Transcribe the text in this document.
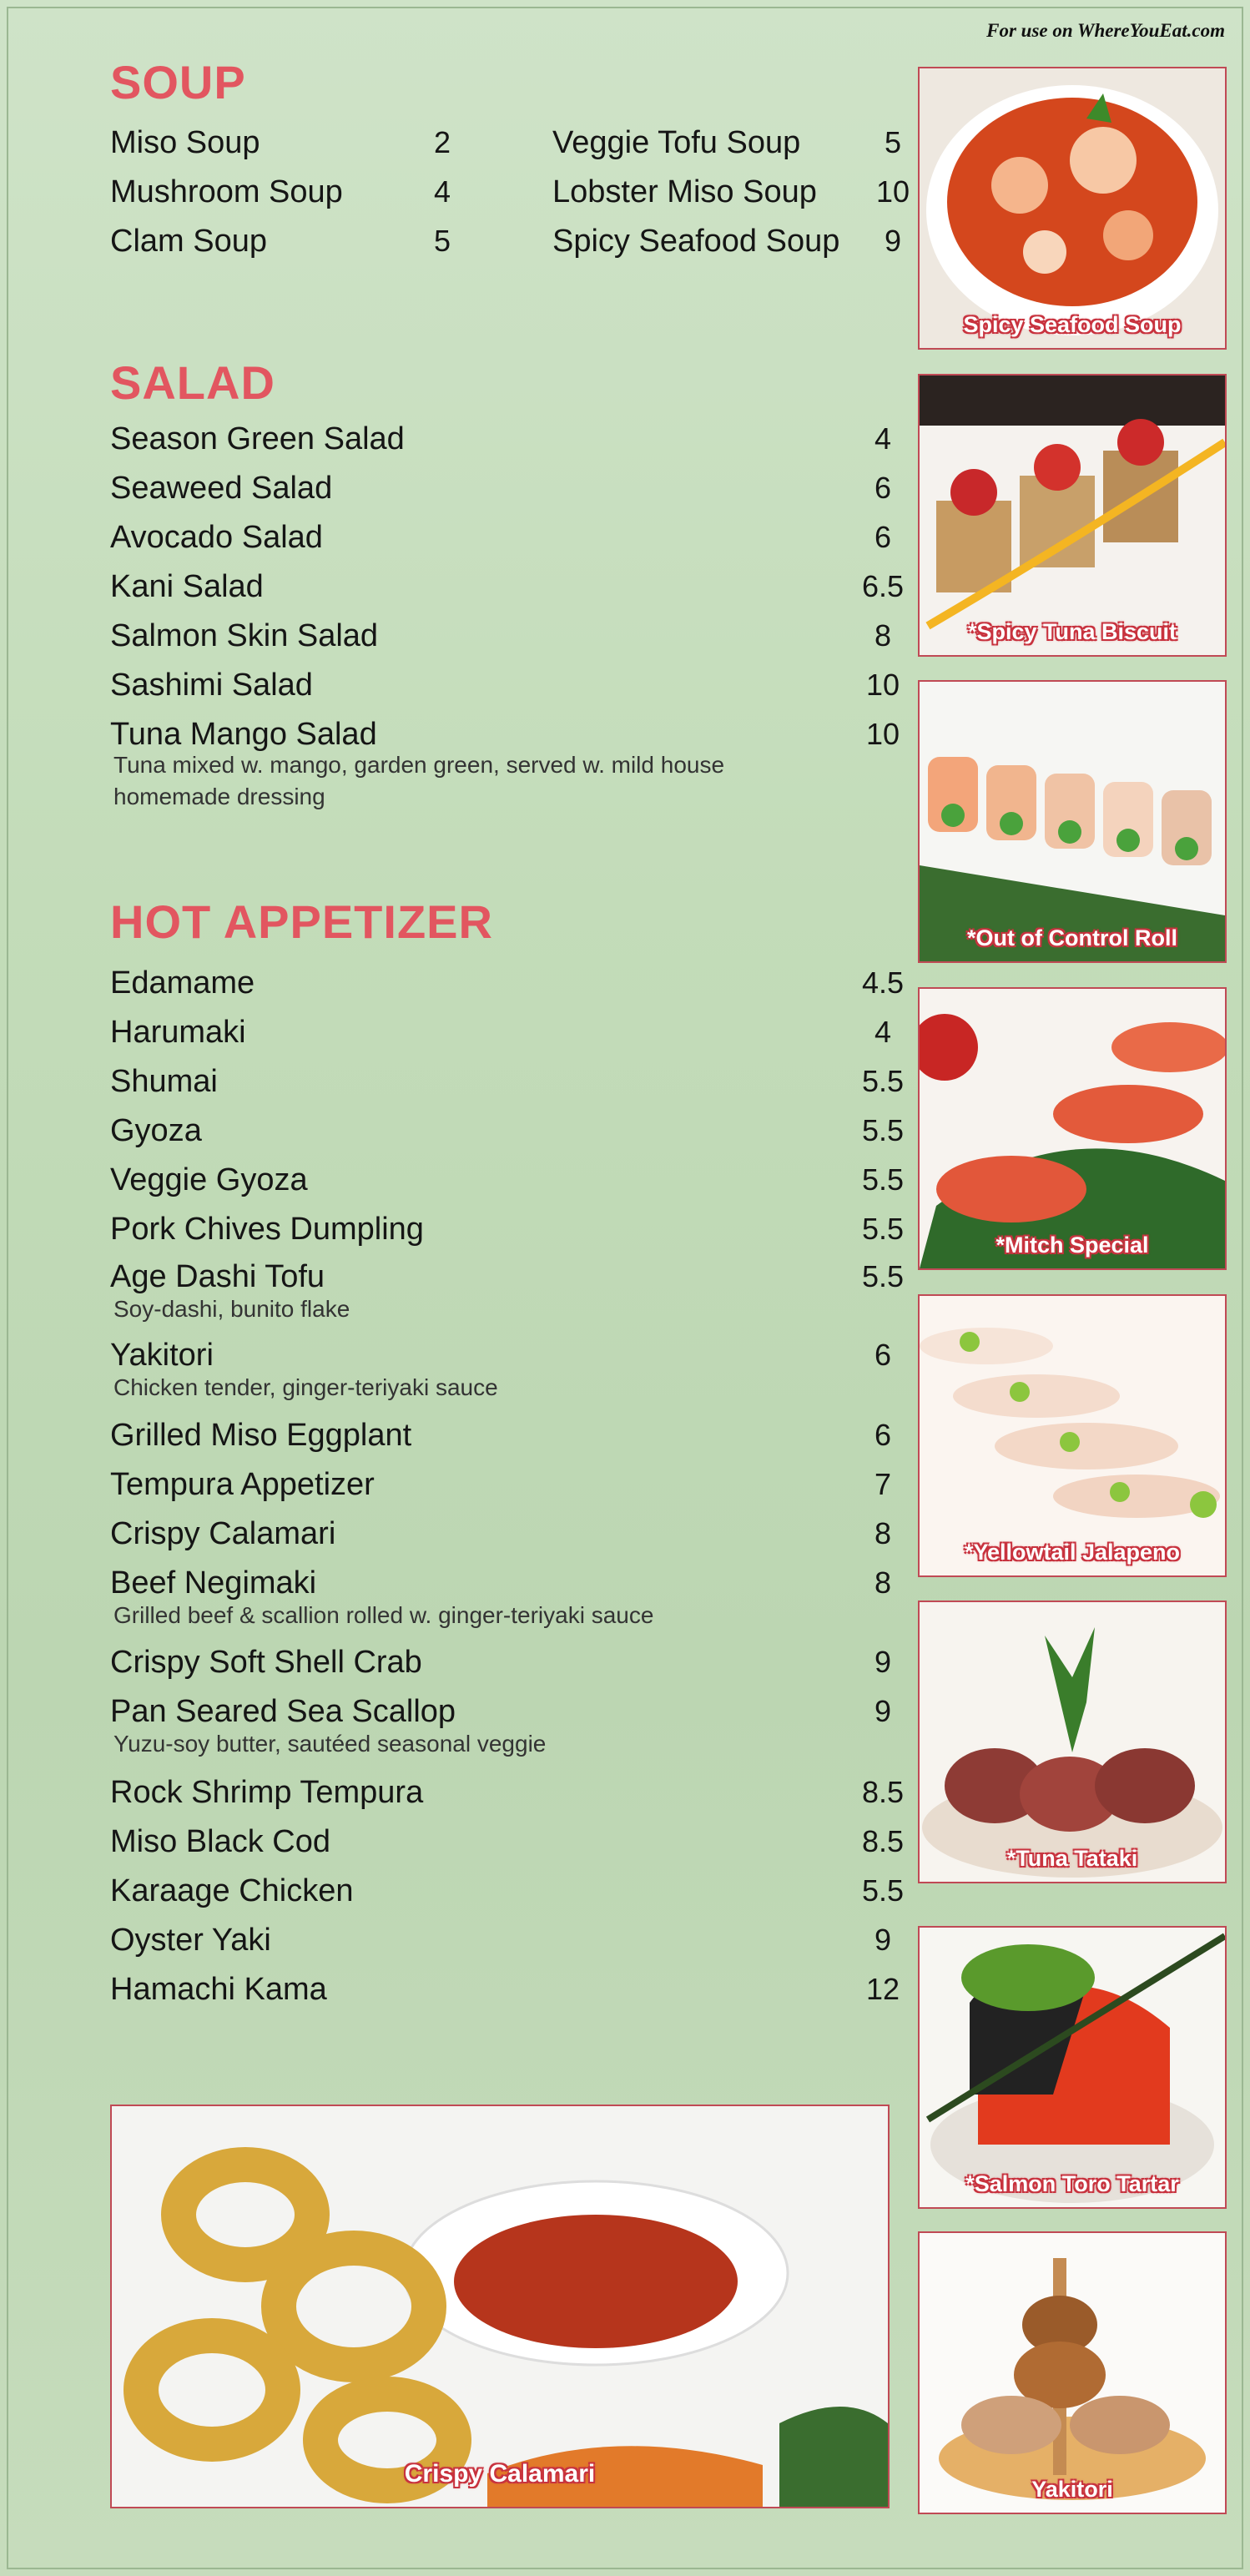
For use on WhereYouEat.com
SOUP
Miso Soup	2
Mushroom Soup	4
Clam Soup	5
Veggie Tofu Soup	5
Lobster Miso Soup 10
Spicy Seafood Soup	9
SALAD
Season Green Salad	4
Seaweed Salad	6
Avocado Salad	6
Kani Salad	6.5
Salmon Skin Salad	8
Sashimi Salad	10
Tuna Mango Salad	10
Tuna mixed w. mango, garden green, served w. mild house homemade dressing
HOT APPETIZER
Edamame	4.5
Harumaki	4
Shumai	5.5
Gyoza	5.5
Veggie Gyoza	5.5
Pork Chives Dumpling	5.5
Age Dashi Tofu	5.5
Soy-dashi, bunito flake
Yakitori	6
Chicken tender, ginger-teriyaki sauce
Grilled Miso Eggplant	6
Tempura Appetizer	7
Crispy Calamari	8
Beef Negimaki	8
Grilled beef & scallion rolled w. ginger-teriyaki sauce
Crispy Soft Shell Crab	9
Pan Seared Sea Scallop	9
Yuzu-soy butter, sautéed seasonal veggie
Rock Shrimp Tempura	8.5
Miso Black Cod	8.5
Karaage Chicken	5.5
Oyster Yaki	9
Hamachi Kama	12
Spicy Seafood Soup
*Spicy Tuna Biscuit
*Out of Control Roll
*Mitch Special
*Yellowtail Jalapeno
*Tuna Tataki
*Salmon Toro Tartar
Yakitori
Crispy Calamari
